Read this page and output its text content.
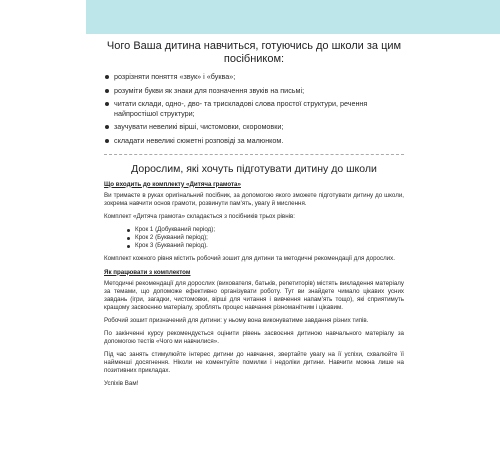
Чого Ваша дитина навчиться, готуючись до школи за цим посібником:
розрізняти поняття «звук» і «буква»;
розуміти букви як знаки для позначення звуків на письмі;
читати склади, одно-, дво- та трискладові слова простої структури, речення найпростішої структури;
заучувати невеликі вірші, чистомовки, скоромовки;
складати невеликі сюжетні розповіді за малюнком.
Дорослим, які хочуть підготувати дитину до школи
Що входить до комплекту «Дитяча грамота»

Ви тримаєте в руках оригінальний посібник, за допомогою якого зможете підготувати дитину до школи, зокрема навчити основ грамоти, розвинути пам’ять, увагу й мислення.

Комплект «Дитяча грамота» складається з посібників трьох рівнів:

Крок 1 (Добукваний період);
Крок 2 (Букваний період);
Крок 3 (Букваний період).

Комплект кожного рівня містить робочий зошит для дитини та методичні рекомендації для дорослих.

Як працювати з комплектом

Методичні рекомендації для дорослих (вихователя, батьків, репетиторів) містять викладення матеріалу за темами, що допоможе ефективно організувати роботу. Тут ви знайдете чимало цікавих усних завдань (ігри, загадки, чистомовки, вірші для читання і вивчення напам’ять тощо), які сприятимуть кращому засвоєнню матеріалу, зроблять процес навчання різноманітним і цікавим.

Робочий зошит призначений для дитини: у ньому вона виконуватиме завдання різних типів.

По закінченні курсу рекомендується оцінити рівень засвоєння дитиною навчального матеріалу за допомогою тестів «Чого ми навчилися».

Під час занять стимулюйте інтерес дитини до навчання, звертайте увагу на її успіхи, схвалюйте її найменші досягнення. Ніколи не коментуйте помилки і недоліки дитини. Навчити можна лише на позитивних прикладах.

Успіхів Вам!
